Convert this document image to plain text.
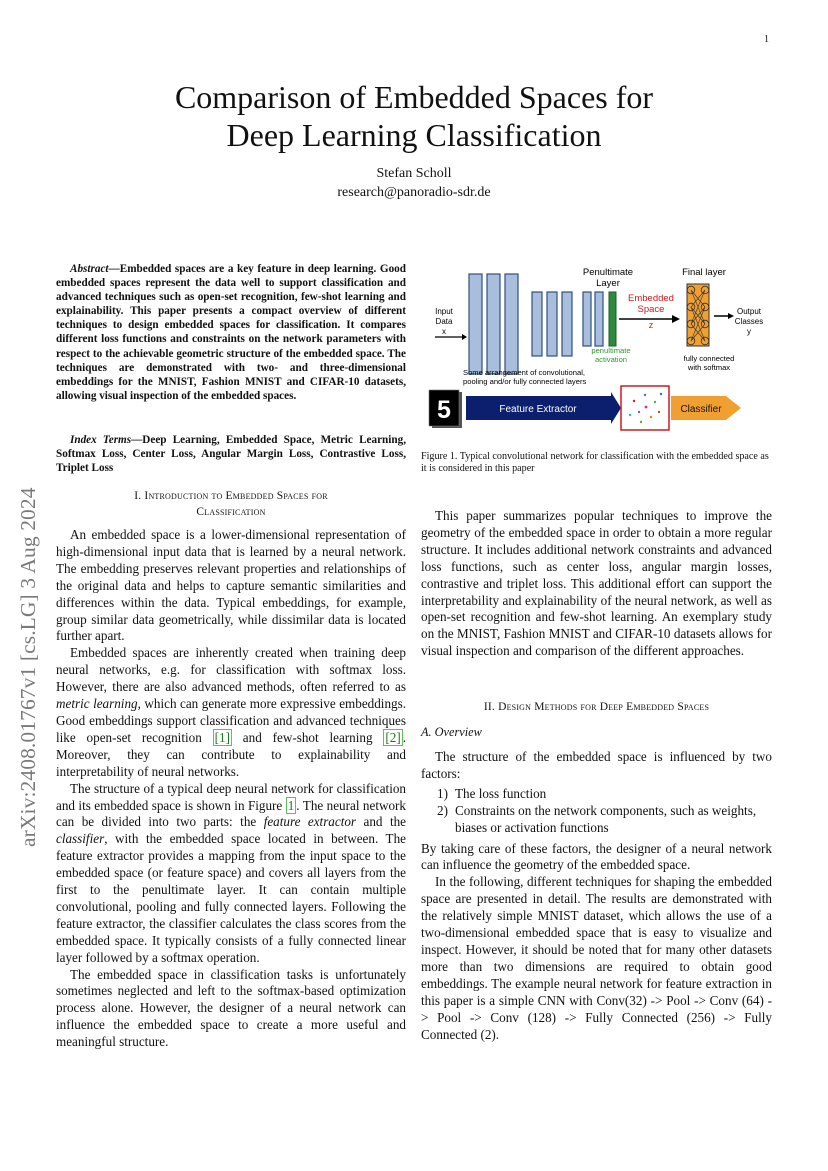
1
arXiv:2408.01767v1 [cs.LG] 3 Aug 2024
Comparison of Embedded Spaces for
Deep Learning Classification
Stefan Scholl
research@panoradio-sdr.de

Abstract—Embedded spaces are a key feature in deep learning. Good embedded spaces represent the data well to support classification and advanced techniques such as open-set recognition, few-shot learning and explainability. This paper presents a compact overview of different techniques to design embedded spaces for classification. It compares different loss functions and constraints on the network parameters with respect to the achievable geometric structure of the embedded space. The techniques are demonstrated with two- and three-dimensional embeddings for the MNIST, Fashion MNIST and CIFAR-10 datasets, allowing visual inspection of the embedded spaces.

Index Terms—Deep Learning, Embedded Space, Metric Learning, Softmax Loss, Center Loss, Angular Margin Loss, Contrastive Loss, Triplet Loss

I. Introduction to Embedded Spaces for
Classification

An embedded space is a lower-dimensional representation of high-dimensional input data that is learned by a neural network. The embedding preserves relevant properties and relationships of the original data and helps to capture semantic similarities and differences within the data. Typical embeddings, for example, group similar data geometrically, while dissimilar data is located further apart.

Embedded spaces are inherently created when training deep neural networks, e.g. for classification with softmax loss. However, there are also advanced methods, often referred to as metric learning, which can generate more expressive embeddings. Good embeddings support classification and advanced techniques like open-set recognition [1] and few-shot learning [2] . Moreover, they can contribute to explainability and interpretability of neural networks.

The structure of a typical deep neural network for classification and its embedded space is shown in Figure 1 . The neural network can be divided into two parts: the feature extractor and the classifier, with the embedded space located in between. The feature extractor provides a mapping from the input space to the embedded space (or feature space) and covers all layers from the first to the penultimate layer. It can contain multiple convolutional, pooling and fully connected layers. Following the feature extractor, the classifier calculates the class scores from the embedded space. It typically consists of a fully connected linear layer followed by a softmax operation.

The embedded space in classification tasks is unfortunately sometimes neglected and left to the softmax-based optimization process alone. However, the designer of a neural network can influence the embedded space to create a more useful and meaningful structure.

Penultimate
Layer
Final layer
Embedded
Space
z
Input
Data
x
Output
Classes
y
penultimate
activation	fully connected
with softmax
Some arrangement of convolutional,
pooling and/or fully connected layers
5	Feature Extractor	Classifier
Figure 1. Typical convolutional network for classification with the embedded space as it is considered in this paper

This paper summarizes popular techniques to improve the geometry of the embedded space in order to obtain a more regular structure. It includes additional network constraints and advanced loss functions, such as center loss, angular margin losses, contrastive and triplet loss. This additional effort can support the interpretability and explainability of the neural network, as well as open-set recognition and few-shot learning. An exemplary study on the MNIST, Fashion MNIST and CIFAR-10 datasets allows for visual inspection and comparison of the different approaches.

II. Design Methods for Deep Embedded Spaces
A. Overview

The structure of the embedded space is influenced by two factors:

1) The loss function
2) Constraints on the network components, such as weights, biases or activation functions

By taking care of these factors, the designer of a neural network can influence the geometry of the embedded space.

In the following, different techniques for shaping the embedded space are presented in detail. The results are demonstrated with the relatively simple MNIST dataset, which allows the use of a two-dimensional embedded space that is easy to visualize and inspect. However, it should be noted that for many other datasets more than two dimensions are required to obtain good embeddings. The example neural network for feature extraction in this paper is a simple CNN with Conv(32) -> Pool -> Conv (64) -> Pool -> Conv (128) -> Fully Connected (256) -> Fully Connected (2).
